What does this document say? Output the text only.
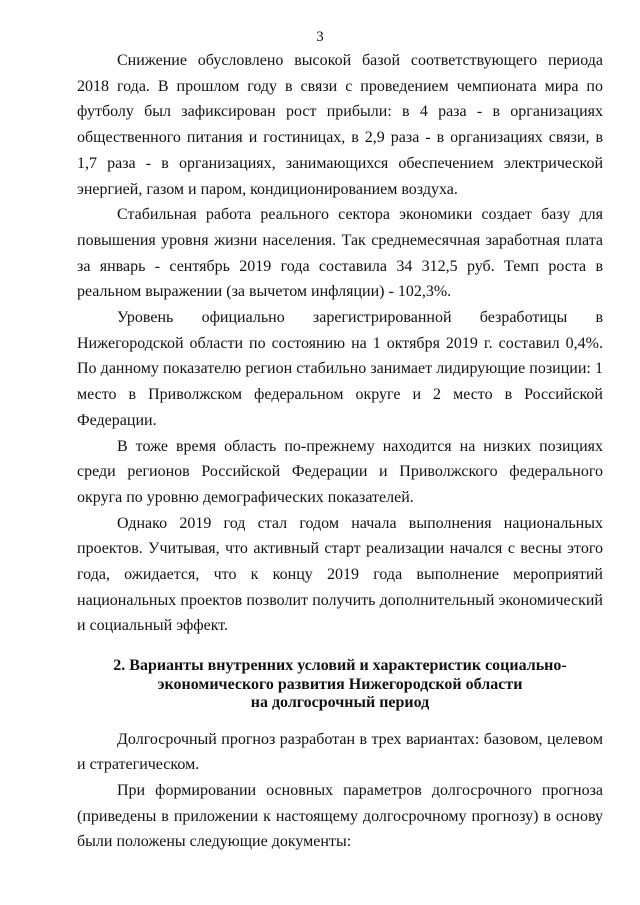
3

Снижение обусловлено высокой базой соответствующего периода 2018 года. В прошлом году в связи с проведением чемпионата мира по футболу был зафиксирован рост прибыли: в 4 раза - в организациях общественного питания и гостиницах, в 2,9 раза - в организациях связи, в 1,7 раза - в организациях, занимающихся обеспечением электрической энергией, газом и паром, кондиционированием воздуха.

Стабильная работа реального сектора экономики создает базу для повышения уровня жизни населения. Так среднемесячная заработная плата за январь - сентябрь 2019 года составила 34 312,5 руб. Темп роста в реальном выражении (за вычетом инфляции) - 102,3%.

Уровень официально зарегистрированной безработицы в Нижегородской области по состоянию на 1 октября 2019 г. составил 0,4%. По данному показателю регион стабильно занимает лидирующие позиции: 1 место в Приволжском федеральном округе и 2 место в Российской Федерации.

В тоже время область по-прежнему находится на низких позициях среди регионов Российской Федерации и Приволжского федерального округа по уровню демографических показателей.

Однако 2019 год стал годом начала выполнения национальных проектов. Учитывая, что активный старт реализации начался с весны этого года, ожидается, что к концу 2019 года выполнение мероприятий национальных проектов позволит получить дополнительный экономический и социальный эффект.

2. Варианты внутренних условий и характеристик социально-
экономического развития Нижегородской области
на долгосрочный период

Долгосрочный прогноз разработан в трех вариантах: базовом, целевом и стратегическом.

При формировании основных параметров долгосрочного прогноза (приведены в приложении к настоящему долгосрочному прогнозу) в основу были положены следующие документы:
